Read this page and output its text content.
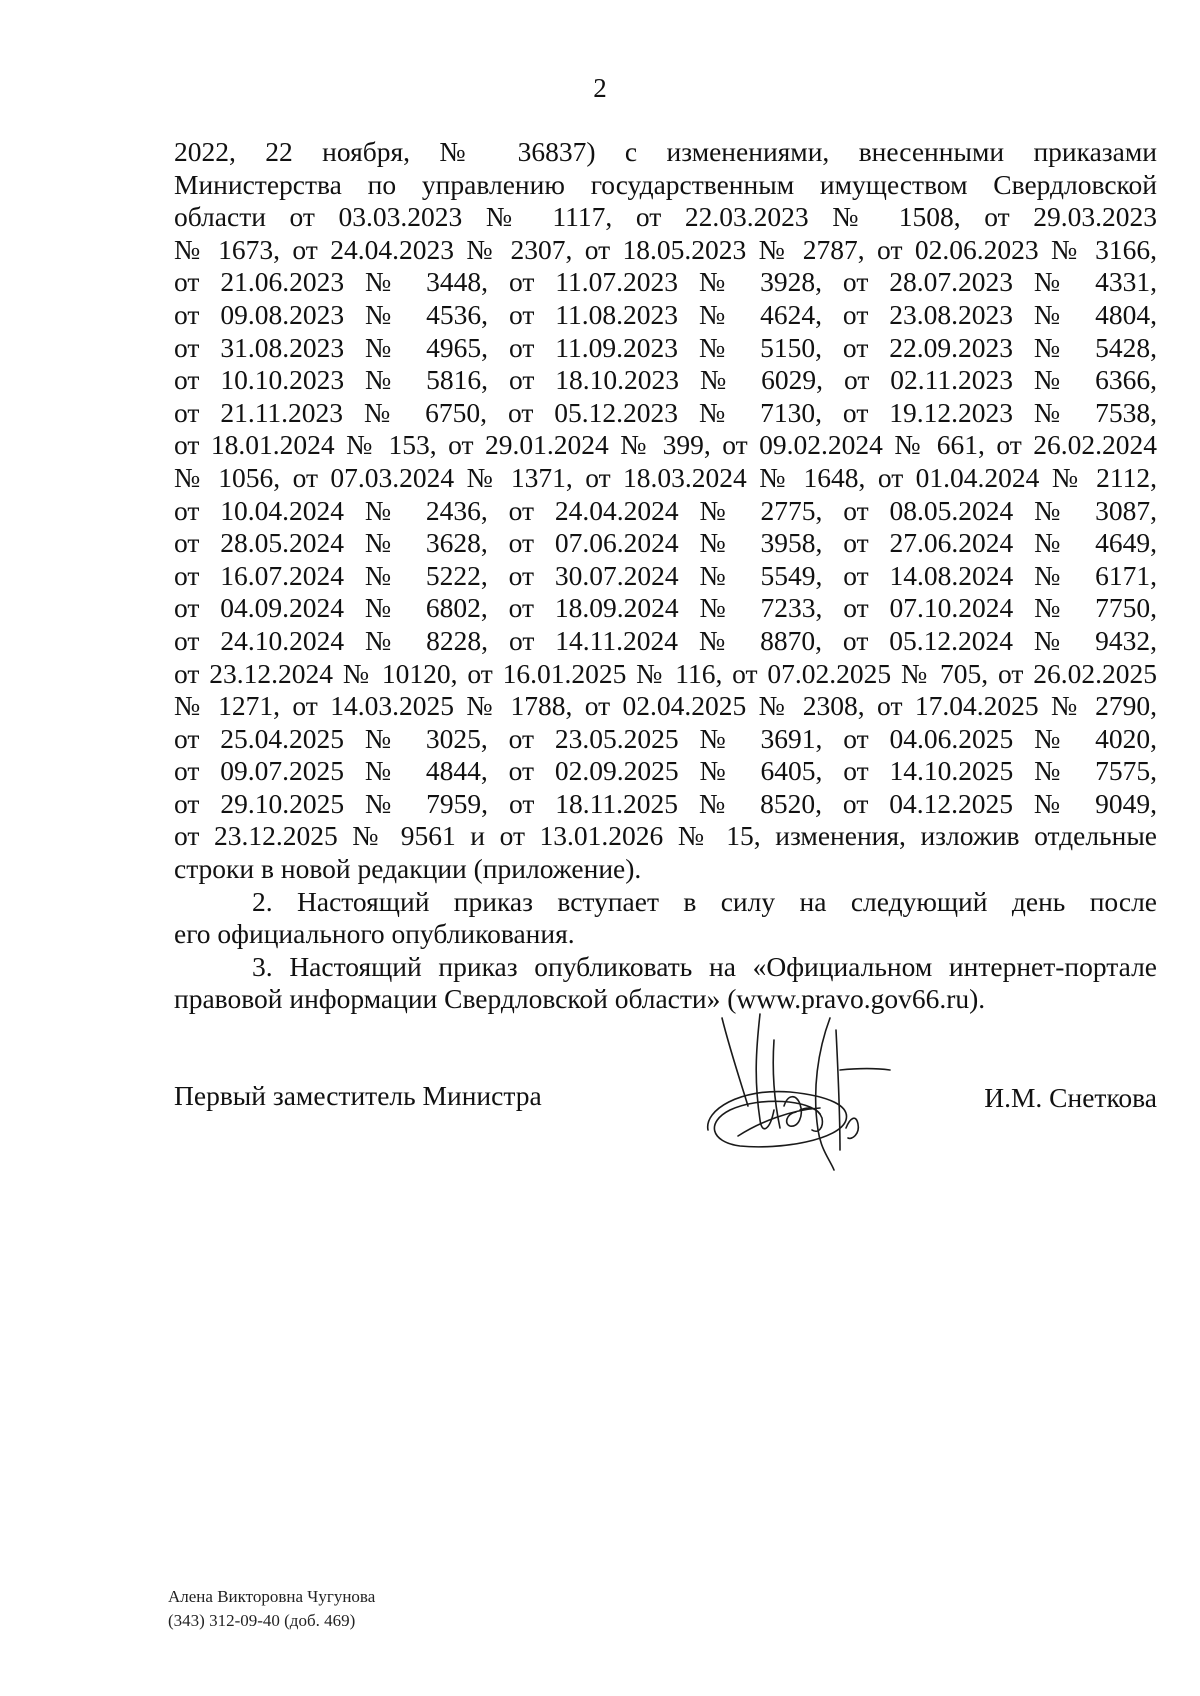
2
2022, 22 ноября, № 36837) с изменениями, внесенными приказами
Министерства по управлению государственным имуществом Свердловской
области от 03.03.2023 № 1117, от 22.03.2023 № 1508, от 29.03.2023
№ 1673, от 24.04.2023 № 2307, от 18.05.2023 № 2787, от 02.06.2023 № 3166,
от 21.06.2023 № 3448, от 11.07.2023 № 3928, от 28.07.2023 № 4331,
от 09.08.2023 № 4536, от 11.08.2023 № 4624, от 23.08.2023 № 4804,
от 31.08.2023 № 4965, от 11.09.2023 № 5150, от 22.09.2023 № 5428,
от 10.10.2023 № 5816, от 18.10.2023 № 6029, от 02.11.2023 № 6366,
от 21.11.2023 № 6750, от 05.12.2023 № 7130, от 19.12.2023 № 7538,
от 18.01.2024 № 153, от 29.01.2024 № 399, от 09.02.2024 № 661, от 26.02.2024
№ 1056, от 07.03.2024 № 1371, от 18.03.2024 № 1648, от 01.04.2024 № 2112,
от 10.04.2024 № 2436, от 24.04.2024 № 2775, от 08.05.2024 № 3087,
от 28.05.2024 № 3628, от 07.06.2024 № 3958, от 27.06.2024 № 4649,
от 16.07.2024 № 5222, от 30.07.2024 № 5549, от 14.08.2024 № 6171,
от 04.09.2024 № 6802, от 18.09.2024 № 7233, от 07.10.2024 № 7750,
от 24.10.2024 № 8228, от 14.11.2024 № 8870, от 05.12.2024 № 9432,
от 23.12.2024 № 10120, от 16.01.2025 № 116, от 07.02.2025 № 705, от 26.02.2025
№ 1271, от 14.03.2025 № 1788, от 02.04.2025 № 2308, от 17.04.2025 № 2790,
от 25.04.2025 № 3025, от 23.05.2025 № 3691, от 04.06.2025 № 4020,
от 09.07.2025 № 4844, от 02.09.2025 № 6405, от 14.10.2025 № 7575,
от 29.10.2025 № 7959, от 18.11.2025 № 8520, от 04.12.2025 № 9049,
от 23.12.2025 № 9561 и от 13.01.2026 № 15, изменения, изложив отдельные
строки в новой редакции (приложение).
2. Настоящий приказ вступает в силу на следующий день после
его официального опубликования.
3. Настоящий приказ опубликовать на «Официальном интернет-портале
правовой информации Свердловской области» (www.pravo.gov66.ru).
Первый заместитель Министра	И.М. Снеткова
Алена Викторовна Чугунова
(343) 312-09-40 (доб. 469)
